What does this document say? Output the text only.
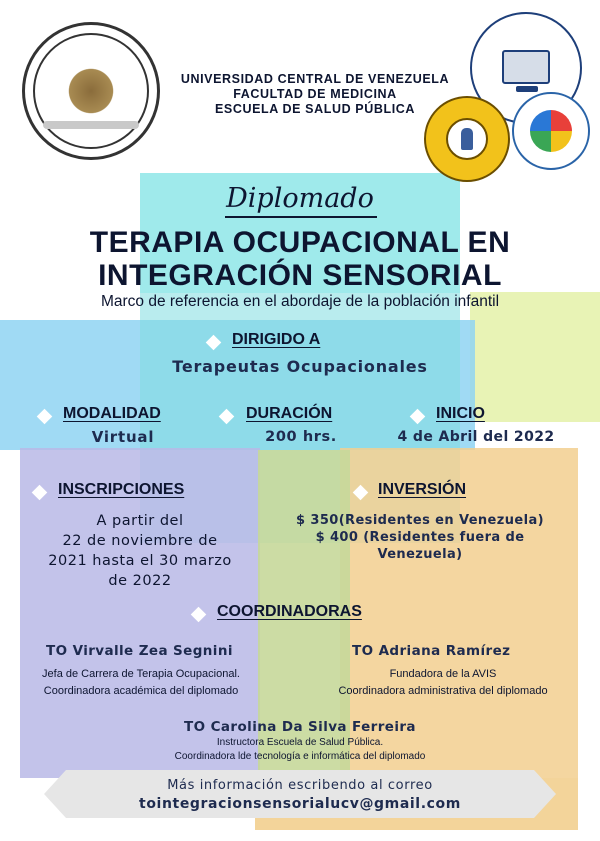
UNIVERSIDAD CENTRAL DE VENEZUELA
FACULTAD DE MEDICINA
ESCUELA DE SALUD PÚBLICA
Diplomado
TERAPIA OCUPACIONAL EN
INTEGRACIÓN SENSORIAL
Marco de referencia en el abordaje de la población infantil
DIRIGIDO A
Terapeutas Ocupacionales
MODALIDAD
Virtual
DURACIÓN
200 hrs.
INICIO
4 de Abril del 2022
INSCRIPCIONES
A partir del
22 de noviembre de
2021 hasta el 30 marzo
de 2022
INVERSIÓN
$ 350(Residentes en Venezuela)
$ 400 (Residentes fuera de
Venezuela)
COORDINADORAS
TO Virvalle Zea Segnini
Jefa de Carrera de Terapia Ocupacional.
Coordinadora académica del diplomado
TO Adriana Ramírez
Fundadora de la AVIS
Coordinadora administrativa del diplomado
TO Carolina Da Silva Ferreira
Instructora Escuela de Salud Pública.
Coordinadora lde tecnología e informática del diplomado
Más información escribendo al correo
tointegracionsensorialucv@gmail.com
